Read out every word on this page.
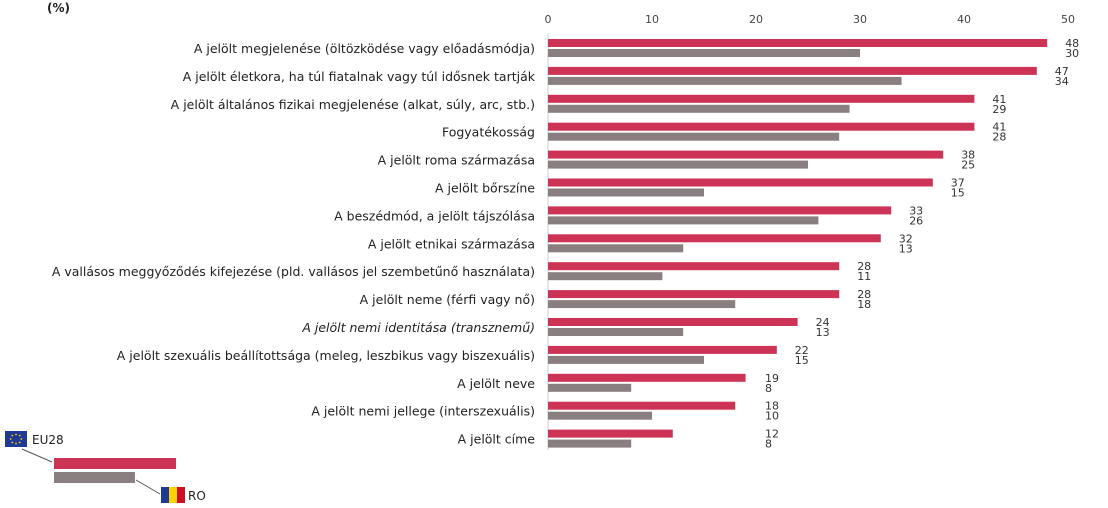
(%)
0	10	20	30	40	50
A jelölt megjelenése (öltözködése vagy előadásmódja)	48
30
A jelölt életkora, ha túl fiatalnak vagy túl idősnek tartják	47
34
A jelölt általános fizikai megjelenése (alkat, súly, arc, stb.)	41
29
Fogyatékosság	41
28
A jelölt roma származása	38
25
A jelölt bőrszíne	37
15
A beszédmód, a jelölt tájszólása	33
26
A jelölt etnikai származása	32
13
A vallásos meggyőződés kifejezése (pld. vallásos jel szembetűnő használata)	28
11
A jelölt neme (férfi vagy nő)	28
18
A jelölt nemi identitása (transznemű)	24
13
A jelölt szexuális beállítottsága (meleg, leszbikus vagy biszexuális)	22
15
A jelölt neve	19
8
A jelölt nemi jellege (interszexuális)	18
10
A jelölt címe	12
8
EU28
RO
